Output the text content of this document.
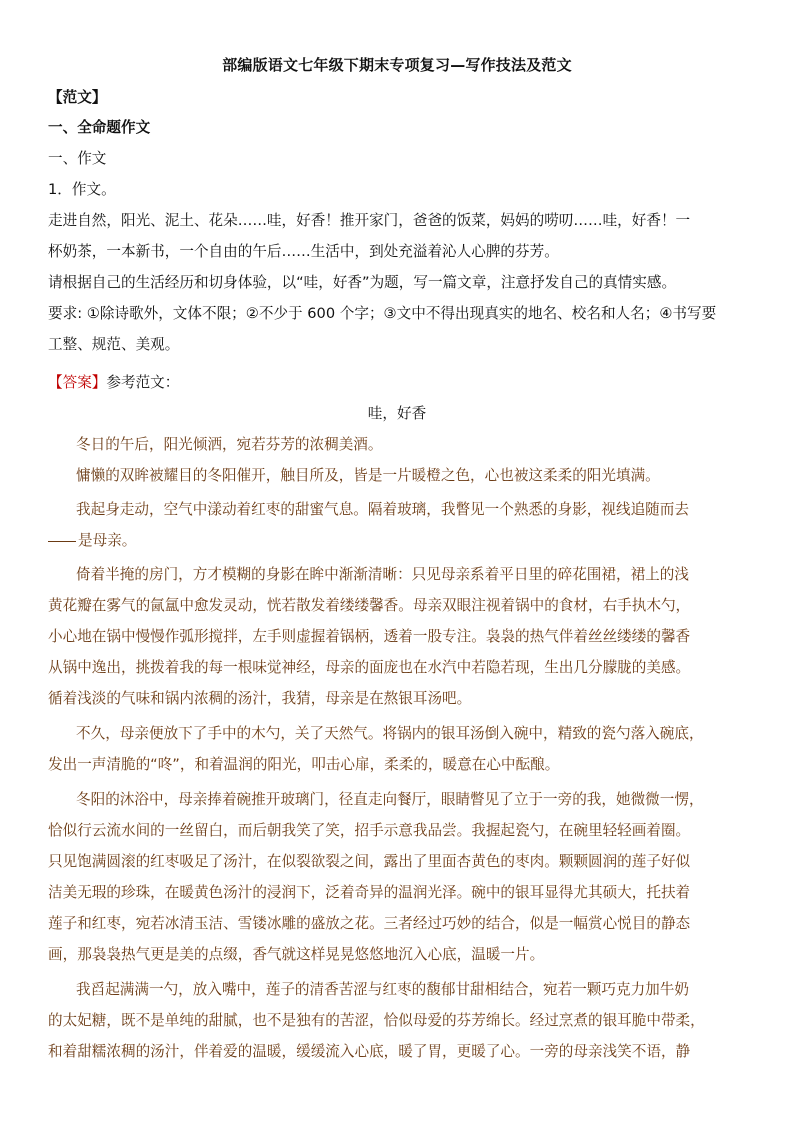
部编版语文七年级下期末专项复习—写作技法及范文
【范文】
一、全命题作文
一、作文
1．作文。
走进自然，阳光、泥土、花朵……哇，好香！推开家门，爸爸的饭菜，妈妈的唠叨……哇，好香！一
杯奶茶，一本新书，一个自由的午后……生活中，到处充溢着沁人心脾的芬芳。
请根据自己的生活经历和切身体验，以“哇，好香”为题，写一篇文章，注意抒发自己的真情实感。
要求: ①除诗歌外，文体不限；②不少于 600 个字；③文中不得出现真实的地名、校名和人名；④书写要
工整、规范、美观。
【答案】参考范文：
哇，好香
冬日的午后，阳光倾洒，宛若芬芳的浓稠美酒。
慵懒的双眸被耀目的冬阳催开，触目所及，皆是一片暖橙之色，心也被这柔柔的阳光填满。
我起身走动，空气中漾动着红枣的甜蜜气息。隔着玻璃，我瞥见一个熟悉的身影，视线追随而去
是母亲。
倚着半掩的房门，方才模糊的身影在眸中渐渐清晰：只见母亲系着平日里的碎花围裙，裙上的浅
黄花瓣在雾气的氤氲中愈发灵动，恍若散发着缕缕馨香。母亲双眼注视着锅中的食材，右手执木勺，
小心地在锅中慢慢作弧形搅拌，左手则虚握着锅柄，透着一股专注。袅袅的热气伴着丝丝缕缕的馨香
从锅中逸出，挑拨着我的每一根味觉神经，母亲的面庞也在水汽中若隐若现，生出几分朦胧的美感。
循着浅淡的气味和锅内浓稠的汤汁，我猜，母亲是在熬银耳汤吧。
不久，母亲便放下了手中的木勺，关了天然气。将锅内的银耳汤倒入碗中，精致的瓷勺落入碗底，
发出一声清脆的“咚”，和着温润的阳光，叩击心扉，柔柔的，暖意在心中酝酿。
冬阳的沐浴中，母亲捧着碗推开玻璃门，径直走向餐厅，眼睛瞥见了立于一旁的我，她微微一愣，
恰似行云流水间的一丝留白，而后朝我笑了笑，招手示意我品尝。我握起瓷勺，在碗里轻轻画着圈。
只见饱满圆滚的红枣吸足了汤汁，在似裂欲裂之间，露出了里面杏黄色的枣肉。颗颗圆润的莲子好似
洁美无瑕的珍珠，在暖黄色汤汁的浸润下，泛着奇异的温润光泽。碗中的银耳显得尤其硕大，托扶着
莲子和红枣，宛若冰清玉洁、雪镂冰雕的盛放之花。三者经过巧妙的结合，似是一幅赏心悦目的静态
画，那袅袅热气更是美的点缀，香气就这样晃晃悠悠地沉入心底，温暖一片。
我舀起满满一勺，放入嘴中，莲子的清香苦涩与红枣的馥郁甘甜相结合，宛若一颗巧克力加牛奶
的太妃糖，既不是单纯的甜腻，也不是独有的苦涩，恰似母爱的芬芳绵长。经过烹煮的银耳脆中带柔，
和着甜糯浓稠的汤汁，伴着爱的温暖，缓缓流入心底，暖了胃，更暖了心。一旁的母亲浅笑不语，静
